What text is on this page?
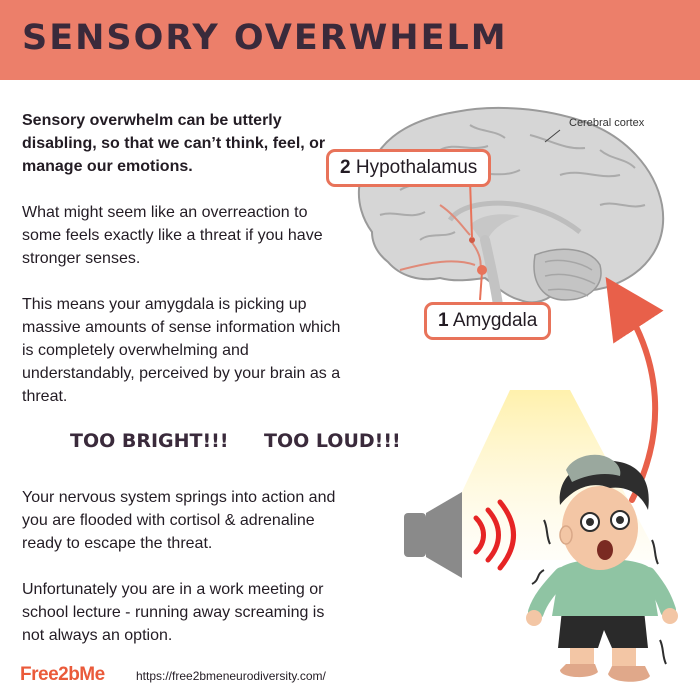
SENSORY OVERWHELM

Sensory overwhelm can be utterly disabling, so that we can’t think, feel, or manage our emotions.

What might seem like an overreaction to some feels exactly like a threat if you have stronger senses.

This means your amygdala is picking up massive amounts of sense information which is completely overwhelming and understandably, perceived by your brain as a threat.

TOO BRIGHT!!! TOO LOUD!!!

Your nervous system springs into action and you are flooded with cortisol & adrenaline ready to escape the threat.

Unfortunately you are in a work meeting or school lecture - running away screaming is not always an option.

Cerebral cortex

2 Hypothalamus
1 Amygdala

Free2bMe	https://free2bmeneurodiversity.com/
